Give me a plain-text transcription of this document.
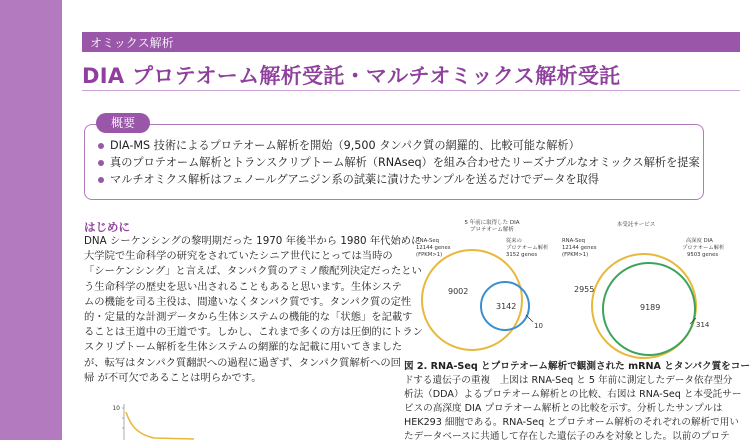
オミックス解析
DIA プロテオーム解析受託・マルチオミックス解析受託
概要
DIA-MS 技術によるプロテオーム解析を開始（9,500 タンパク質の網羅的、比較可能な解析）
真のプロテオーム解析とトランスクリプトーム解析（RNAseq）を組み合わせたリーズナブルなオミックス解析を提案
マルチオミクス解析はフェノールグアニジン系の試薬に漬けたサンプルを送るだけでデータを取得
はじめに
DNA シーケンシングの黎明期だった 1970 年後半から 1980 年代始めに
大学院で生命科学の研究をされていたシニア世代にとっては当時の
「シーケンシング」と言えば、タンパク質のアミノ酸配列決定だったとい
う生命科学の歴史を思い出されることもあると思います。生体システ
ムの機能を司る主役は、間違いなくタンパク質です。タンパク質の定性
的・定量的な計測データから生体システムの機能的な「状態」を記載す
ることは王道中の王道です。しかし、これまで多くの方は圧倒的にトラン
スクリプトーム解析を生体システムの網羅的な記載に用いてきました
が、転写はタンパク質翻訳への過程に過ぎず、タンパク質解析への回
帰 が不可欠であることは明らかです。
5 年前に取得した DIA
プロテオーム解析
RNA-Seq
12144 genes
(FPKM>1)
従来の
プロテオーム解析
3152 genes
9002
3142
10
本受託サービス
RNA-Seq
12144 genes
(FPKM>1)
高深度 DIA
プロテオーム解析
9503 genes
2955
9189
314
図 2. RNA-Seq とプロテオーム解析で観測された mRNA とタンパク質をコー
ドする遺伝子の重複　上図は RNA-Seq と 5 年前に測定したデータ依存型分
析法（DDA）よるプロテオーム解析との比較、右図は RNA-Seq と本受託サー
ビスの高深度 DIA プロテオーム解析との比較を示す。分析したサンプルは
HEK293 細胞である。RNA-Seq とプロテオーム解析のそれぞれの解析で用い
たデータベースに共通して存在した遺伝子のみを対象とした。以前のプロテ
10
